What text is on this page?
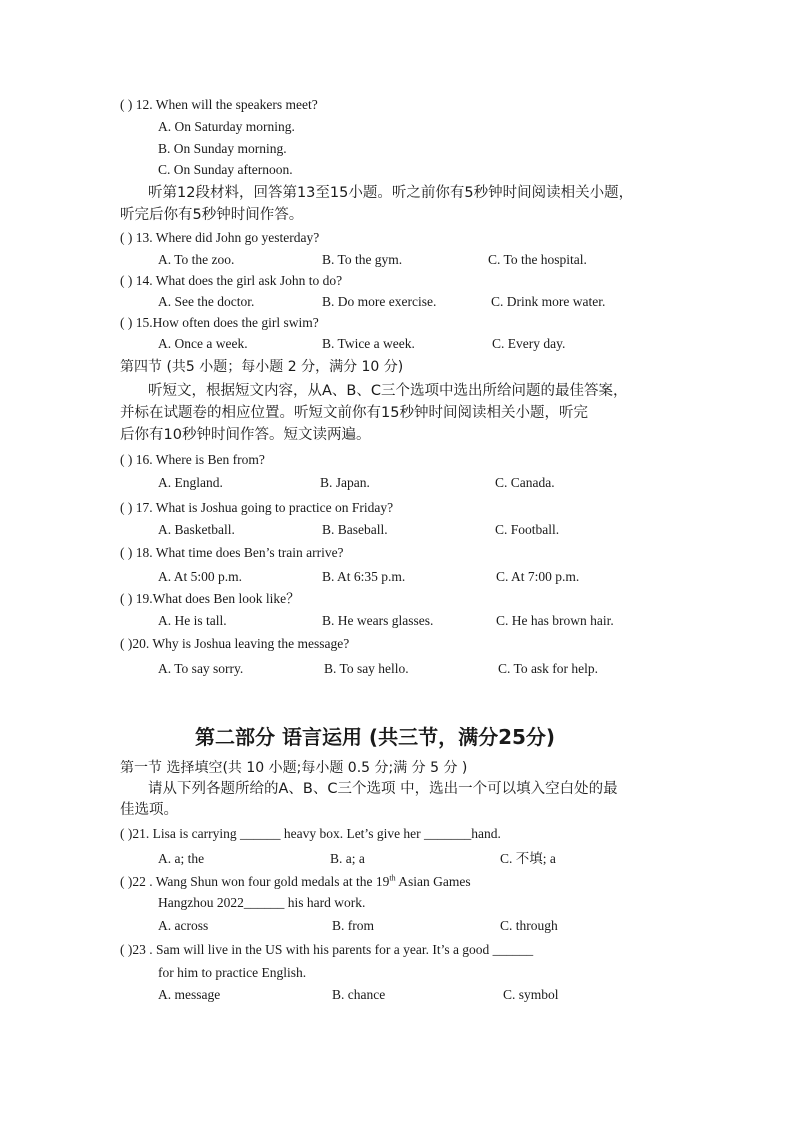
( ) 12. When will the speakers meet?
A. On Saturday morning.
B. On Sunday morning.
C. On Sunday afternoon.
听第12段材料，回答第13至15小题。听之前你有5秒钟时间阅读相关小题，
听完后你有5秒钟时间作答。
( ) 13. Where did John go yesterday?
A. To the zoo.	B. To the gym.	C. To the hospital.
( ) 14. What does the girl ask John to do?
A. See the doctor.	B. Do more exercise.	C. Drink more water.
( ) 15.How often does the girl swim?
A. Once a week.	B. Twice a week.	C. Every day.
第四节 (共5 小题；每小题 2 分，满分 10 分)
听短文，根据短文内容，从A、B、C三个选项中选出所给问题的最佳答案，
并标在试题卷的相应位置。听短文前你有15秒钟时间阅读相关小题，听完
后你有10秒钟时间作答。短文读两遍。
( ) 16. Where is Ben from?
A. England.	B. Japan.	C. Canada.
( ) 17. What is Joshua going to practice on Friday?
A. Basketball.	B. Baseball.	C. Football.
( ) 18. What time does Ben’s train arrive?
A. At 5:00 p.m.	B. At 6:35 p.m.	C. At 7:00 p.m.
( ) 19.What does Ben look like？
A. He is tall.	B. He wears glasses.	C. He has brown hair.
( )20. Why is Joshua leaving the message?
A. To say sorry.	B. To say hello.	C. To ask for help.
第二部分 语言运用 (共三节，满分25分)
第一节 选择填空(共 10 小题;每小题 0.5 分;满 分 5 分 )
请从下列各题所给的A、B、C三个选项 中，选出一个可以填入空白处的最
佳选项。
( )21. Lisa is carrying ______ heavy box. Let’s give her _______hand.
A. a; the	B. a; a	C. 不填; a
( )22 . Wang Shun won four gold medals at the 19th Asian Games
Hangzhou 2022______ his hard work.
A. across	B. from	C. through
( )23 . Sam will live in the US with his parents for a year. It’s a good ______
for him to practice English.
A. message	B. chance	C. symbol
